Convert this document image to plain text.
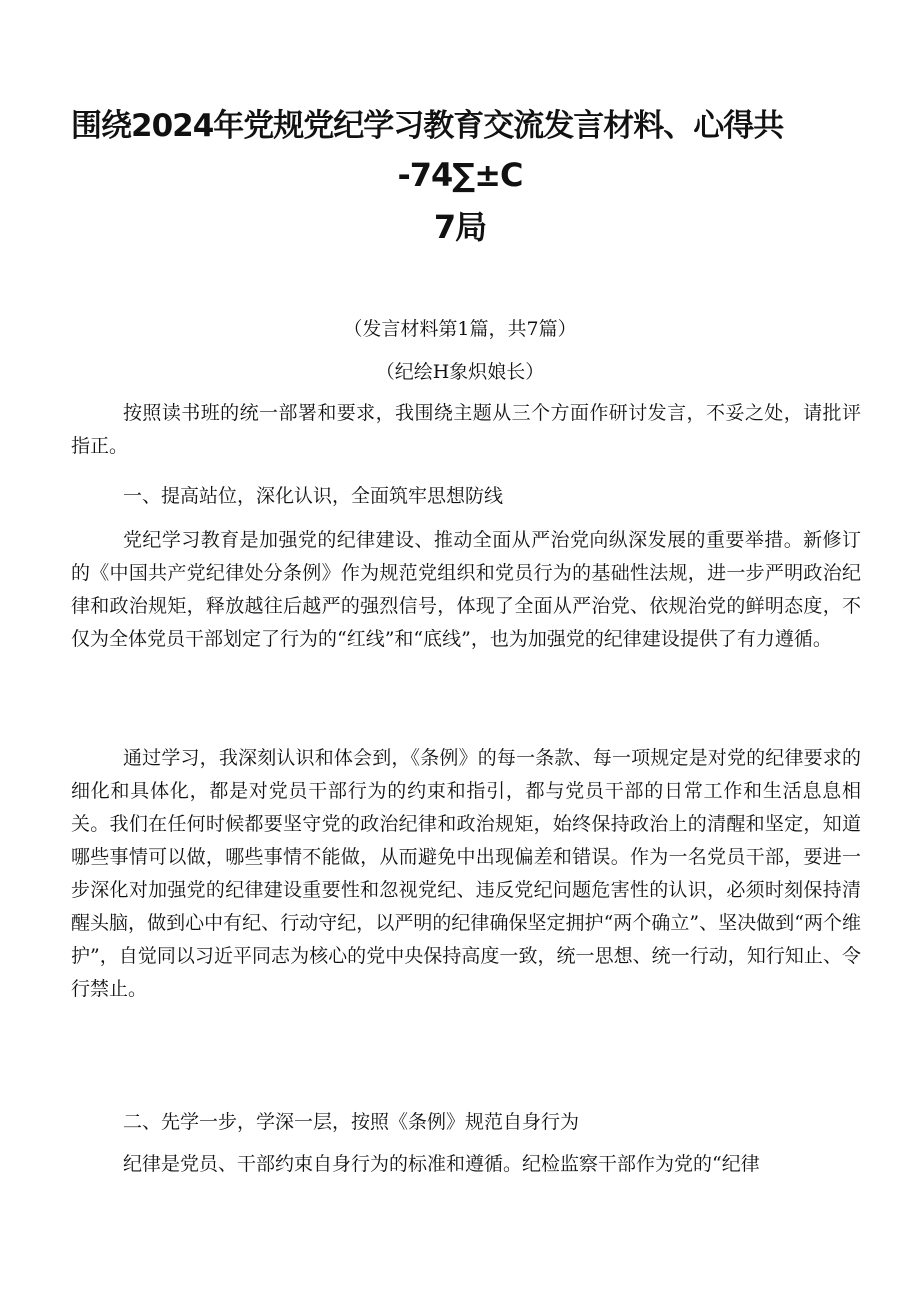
围绕2024年党规党纪学习教育交流发言材料、心得共
-74∑±C
7局
（发言材料第1篇，共7篇）
（纪绘H象炽娘长）

按照读书班的统一部署和要求，我围绕主题从三个方面作研讨发言，不妥之处，请批评指正。

一、提高站位，深化认识，全面筑牢思想防线

党纪学习教育是加强党的纪律建设、推动全面从严治党向纵深发展的重要举措。新修订的《中国共产党纪律处分条例》作为规范党组织和党员行为的基础性法规，进一步严明政治纪律和政治规矩，释放越往后越严的强烈信号，体现了全面从严治党、依规治党的鲜明态度，不仅为全体党员干部划定了行为的“红线”和“底线”，也为加强党的纪律建设提供了有力遵循。

通过学习，我深刻认识和体会到，《条例》的每一条款、每一项规定是对党的纪律要求的细化和具体化，都是对党员干部行为的约束和指引，都与党员干部的日常工作和生活息息相关。我们在任何时候都要坚守党的政治纪律和政治规矩，始终保持政治上的清醒和坚定，知道哪些事情可以做，哪些事情不能做，从而避免中出现偏差和错误。作为一名党员干部，要进一步深化对加强党的纪律建设重要性和忽视党纪、违反党纪问题危害性的认识，必须时刻保持清醒头脑，做到心中有纪、行动守纪，以严明的纪律确保坚定拥护“两个确立”、坚决做到“两个维护”，自觉同以习近平同志为核心的党中央保持高度一致，统一思想、统一行动，知行知止、令行禁止。

二、先学一步，学深一层，按照《条例》规范自身行为

纪律是党员、干部约束自身行为的标准和遵循。纪检监察干部作为党的“纪律
